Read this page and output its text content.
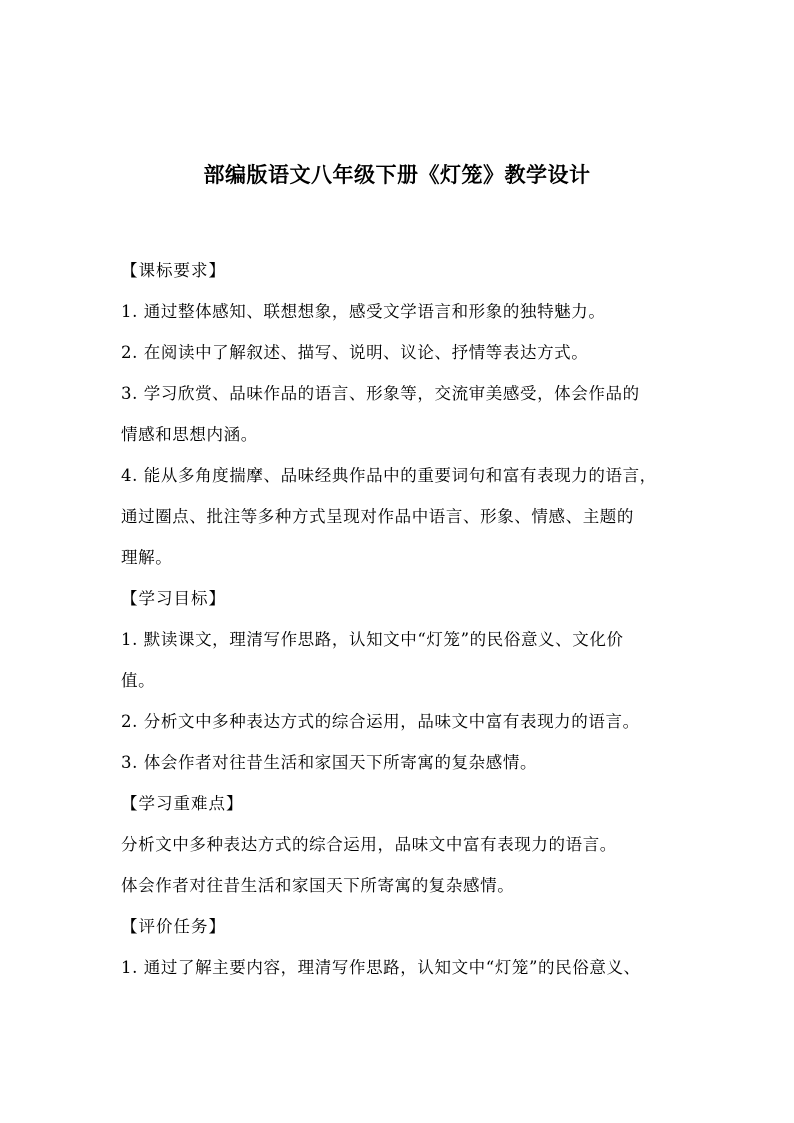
部编版语文八年级下册《灯笼》教学设计

【课标要求】

1. 通过整体感知、联想想象，感受文学语言和形象的独特魅力。

2. 在阅读中了解叙述、描写、说明、议论、抒情等表达方式。

3. 学习欣赏、品味作品的语言、形象等，交流审美感受，体会作品的

情感和思想内涵。

4. 能从多角度揣摩、品味经典作品中的重要词句和富有表现力的语言，

通过圈点、批注等多种方式呈现对作品中语言、形象、情感、主题的

理解。

【学习目标】

1. 默读课文，理清写作思路，认知文中“灯笼”的民俗意义、文化价

值。

2. 分析文中多种表达方式的综合运用，品味文中富有表现力的语言。

3. 体会作者对往昔生活和家国天下所寄寓的复杂感情。

【学习重难点】

分析文中多种表达方式的综合运用，品味文中富有表现力的语言。

体会作者对往昔生活和家国天下所寄寓的复杂感情。

【评价任务】

1. 通过了解主要内容，理清写作思路，认知文中“灯笼”的民俗意义、
